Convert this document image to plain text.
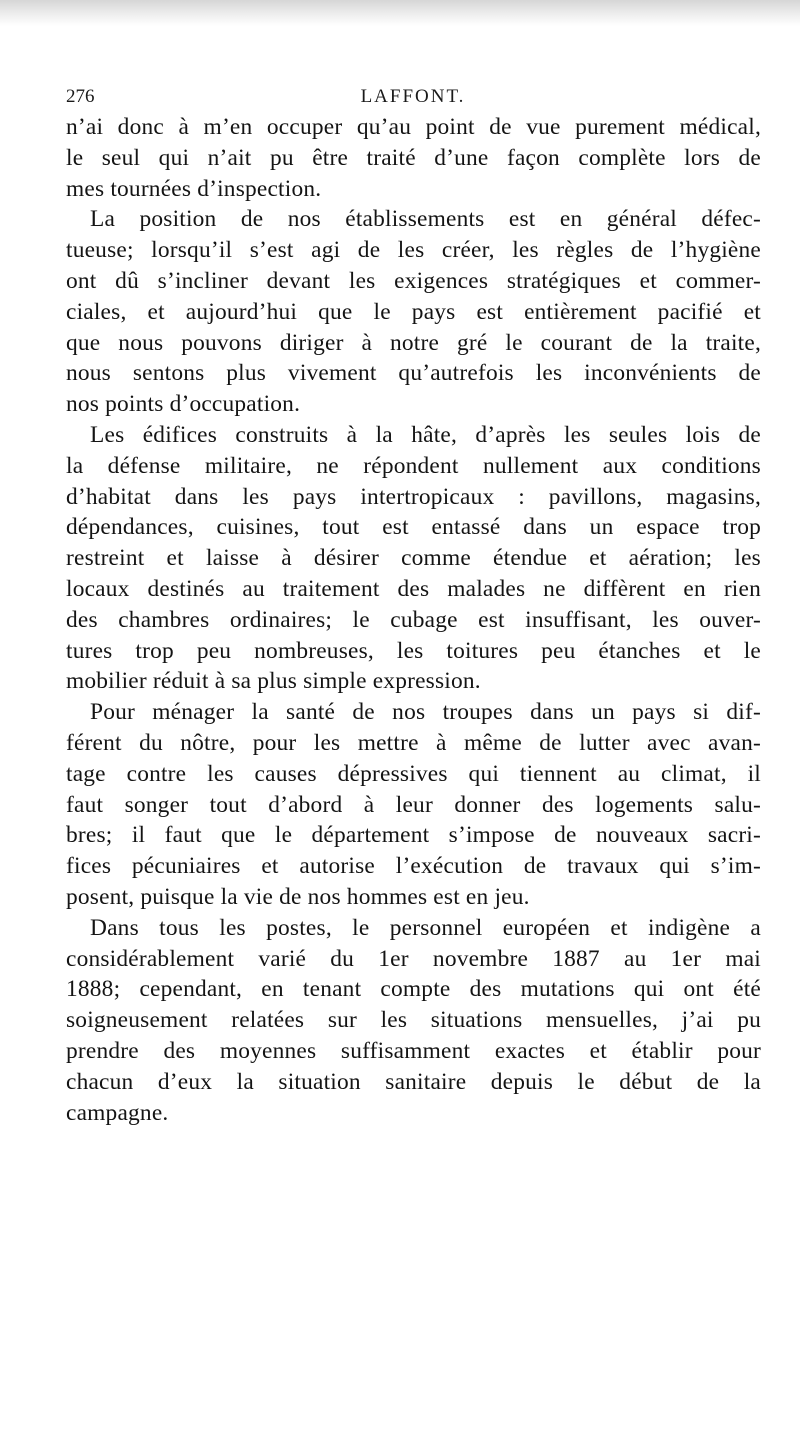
276	LAFFONT.
n’ai donc à m’en occuper qu’au point de vue purement médical,
le seul qui n’ait pu être traité d’une façon complète lors de
mes tournées d’inspection.
La position de nos établissements est en général défec-
tueuse; lorsqu’il s’est agi de les créer, les règles de l’hygiène
ont dû s’incliner devant les exigences stratégiques et commer-
ciales, et aujourd’hui que le pays est entièrement pacifié et
que nous pouvons diriger à notre gré le courant de la traite,
nous sentons plus vivement qu’autrefois les inconvénients de
nos points d’occupation.
Les édifices construits à la hâte, d’après les seules lois de
la défense militaire, ne répondent nullement aux conditions
d’habitat dans les pays intertropicaux : pavillons, magasins,
dépendances, cuisines, tout est entassé dans un espace trop
restreint et laisse à désirer comme étendue et aération; les
locaux destinés au traitement des malades ne diffèrent en rien
des chambres ordinaires; le cubage est insuffisant, les ouver-
tures trop peu nombreuses, les toitures peu étanches et le
mobilier réduit à sa plus simple expression.
Pour ménager la santé de nos troupes dans un pays si dif-
férent du nôtre, pour les mettre à même de lutter avec avan-
tage contre les causes dépressives qui tiennent au climat, il
faut songer tout d’abord à leur donner des logements salu-
bres; il faut que le département s’impose de nouveaux sacri-
fices pécuniaires et autorise l’exécution de travaux qui s’im-
posent, puisque la vie de nos hommes est en jeu.
Dans tous les postes, le personnel européen et indigène a
considérablement varié du 1er novembre 1887 au 1er mai
1888; cependant, en tenant compte des mutations qui ont été
soigneusement relatées sur les situations mensuelles, j’ai pu
prendre des moyennes suffisamment exactes et établir pour
chacun d’eux la situation sanitaire depuis le début de la
campagne.
